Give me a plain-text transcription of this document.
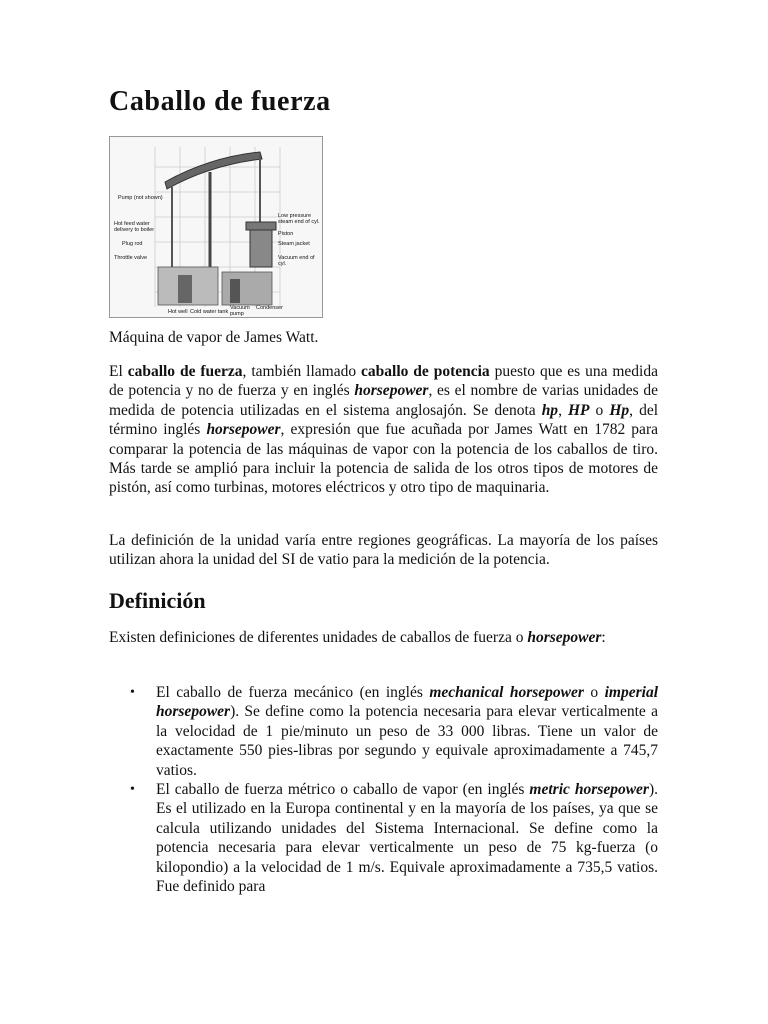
Caballo de fuerza
Pump (not shown)
Hot feed water
delivery to boiler
Plug rod
Throttle valve
Low pressure
steam end of cyl.
Piston
Steam jacket
Vacuum end of
cyl.
Hot well Cold water tank
Vacuum
pump
Condenser
Máquina de vapor de James Watt.

El caballo de fuerza, también llamado caballo de potencia puesto que es una medida de potencia y no de fuerza y en inglés horsepower, es el nombre de varias unidades de medida de potencia utilizadas en el sistema anglosajón. Se denota hp, HP o Hp, del término inglés horsepower, expresión que fue acuñada por James Watt en 1782 para comparar la potencia de las máquinas de vapor con la potencia de los caballos de tiro. Más tarde se amplió para incluir la potencia de salida de los otros tipos de motores de pistón, así como turbinas, motores eléctricos y otro tipo de maquinaria.

La definición de la unidad varía entre regiones geográficas. La mayoría de los países utilizan ahora la unidad del SI de vatio para la medición de la potencia.

Definición

Existen definiciones de diferentes unidades de caballos de fuerza o horsepower:

• El caballo de fuerza mecánico (en inglés mechanical horsepower o imperial horsepower). Se define como la potencia necesaria para elevar verticalmente a la velocidad de 1 pie/minuto un peso de 33 000 libras. Tiene un valor de exactamente 550 pies-libras por segundo y equivale aproximadamente a 745,7 vatios.
• El caballo de fuerza métrico o caballo de vapor (en inglés metric horsepower). Es el utilizado en la Europa continental y en la mayoría de los países, ya que se calcula utilizando unidades del Sistema Internacional. Se define como la potencia necesaria para elevar verticalmente un peso de 75 kg-fuerza (o kilopondio) a la velocidad de 1 m/s. Equivale aproximadamente a 735,5 vatios. Fue definido para
